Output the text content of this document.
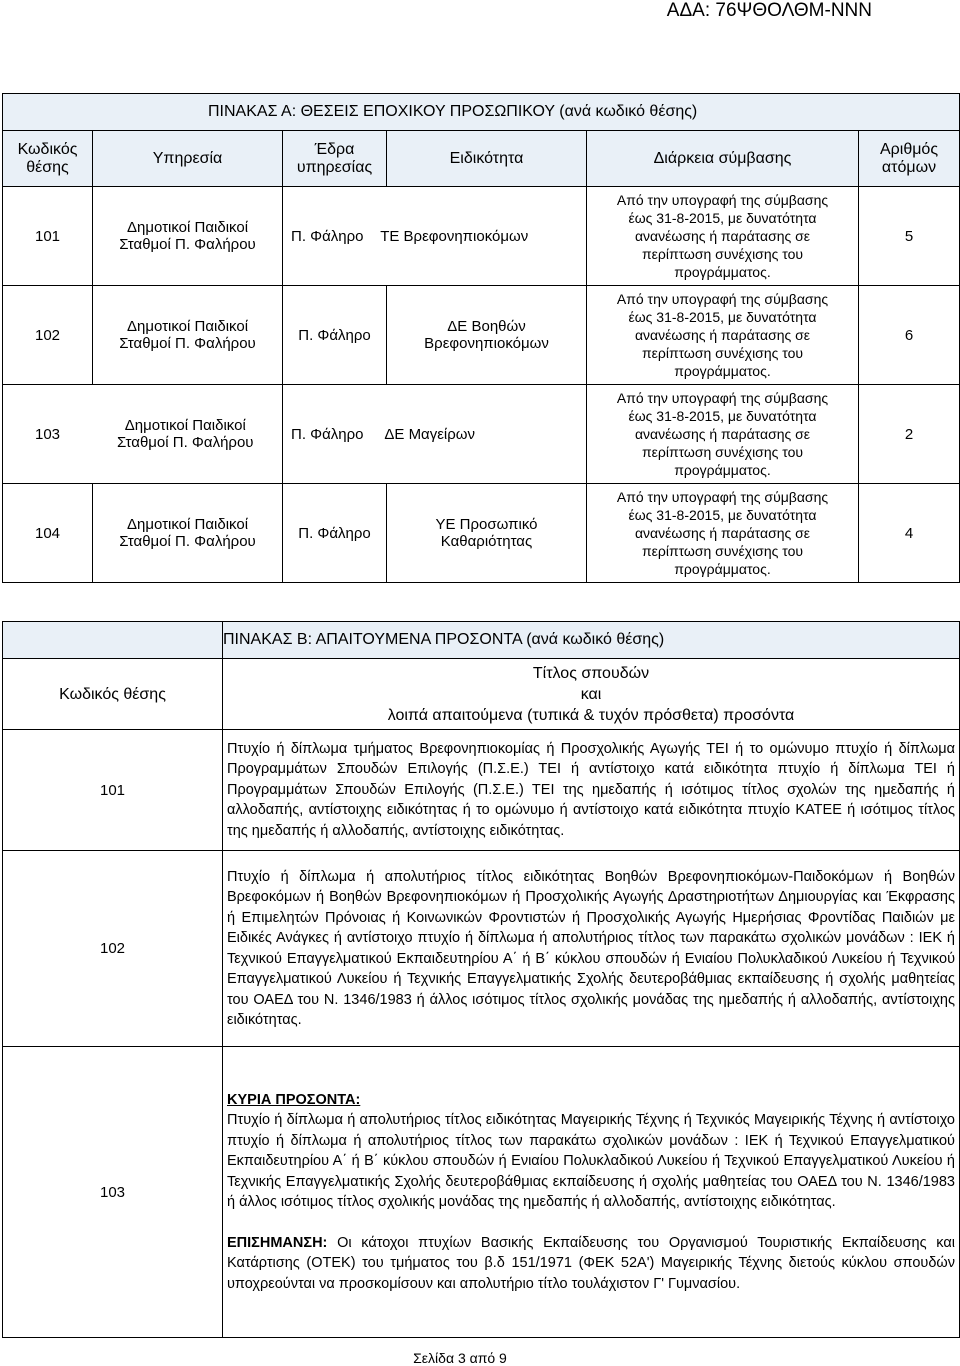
ΑΔΑ: 76ΨΘΟΛΘΜ-ΝΝΝ
ΠΙΝΑΚΑΣ Α: ΘΕΣΕΙΣ ΕΠΟΧΙΚΟΥ ΠΡΟΣΩΠΙΚΟΥ (ανά κωδικό θέσης)
Κωδικός
θέσης	Υπηρεσία	Έδρα
υπηρεσίας	Ειδικότητα	Διάρκεια σύμβασης	Αριθμός
ατόμων
101	Δημοτικοί Παιδικοί
Σταθμοί Π. Φαλήρου	Π. Φάληρο ΤΕ Βρεφονηπιοκόμων	Από την υπογραφή της σύμβασης
έως 31-8-2015, με δυνατότητα
ανανέωσης ή παράτασης σε
περίπτωση συνέχισης του
προγράμματος.	5
102	Δημοτικοί Παιδικοί
Σταθμοί Π. Φαλήρου	Π. Φάληρο	ΔΕ Βοηθών
Βρεφονηπιοκόμων	Από την υπογραφή της σύμβασης
έως 31-8-2015, με δυνατότητα
ανανέωσης ή παράτασης σε
περίπτωση συνέχισης του
προγράμματος.	6

103	Δημοτικοί Παιδικοί
Σταθμοί Π. Φαλήρου
		Π. Φάληρο ΔΕ Μαγείρων	Από την υπογραφή της σύμβασης
έως 31-8-2015, με δυνατότητα
ανανέωσης ή παράτασης σε
περίπτωση συνέχισης του
προγράμματος.	2
104	Δημοτικοί Παιδικοί
Σταθμοί Π. Φαλήρου	Π. Φάληρο	ΥΕ Προσωπικό
Καθαριότητας	Από την υπογραφή της σύμβασης
έως 31-8-2015, με δυνατότητα
ανανέωσης ή παράτασης σε
περίπτωση συνέχισης του
προγράμματος.	4
	ΠΙΝΑΚΑΣ Β: ΑΠΑΙΤΟΥΜΕΝΑ ΠΡΟΣΟΝΤΑ (ανά κωδικό θέσης)
Κωδικός θέσης	Τίτλος σπουδών
και
λοιπά απαιτούμενα (τυπικά & τυχόν πρόσθετα) προσόντα
101	Πτυχίο ή δίπλωμα τμήματος Βρεφονηπιοκομίας ή Προσχολικής Αγωγής ΤΕΙ ή το ομώνυμο πτυχίο ή δίπλωμα Προγραμμάτων Σπουδών Επιλογής (Π.Σ.Ε.) ΤΕΙ ή αντίστοιχο κατά ειδικότητα πτυχίο ή δίπλωμα ΤΕΙ ή Προγραμμάτων Σπουδών Επιλογής (Π.Σ.Ε.) ΤΕΙ της ημεδαπής ή ισότιμος τίτλος σχολών της ημεδαπής ή αλλοδαπής, αντίστοιχης ειδικότητας ή το ομώνυμο ή αντίστοιχο κατά ειδικότητα πτυχίο ΚΑΤΕΕ ή ισότιμος τίτλος της ημεδαπής ή αλλοδαπής, αντίστοιχης ειδικότητας.
102	Πτυχίο ή δίπλωμα ή απολυτήριος τίτλος ειδικότητας Βοηθών Βρεφονηπιοκόμων-Παιδοκόμων ή Βοηθών Βρεφοκόμων ή Βοηθών Βρεφονηπιοκόμων ή Προσχολικής Αγωγής Δραστηριοτήτων Δημιουργίας και Έκφρασης ή Επιμελητών Πρόνοιας ή Κοινωνικών Φροντιστών ή Προσχολικής Αγωγής Ημερήσιας Φροντίδας Παιδιών με Ειδικές Ανάγκες ή αντίστοιχο πτυχίο ή δίπλωμα ή απολυτήριος τίτλος των παρακάτω σχολικών μονάδων : ΙΕΚ ή Τεχνικού Επαγγελματικού Εκπαιδευτηρίου Α΄ ή Β΄ κύκλου σπουδών ή Ενιαίου Πολυκλαδικού Λυκείου ή Τεχνικού Επαγγελματικού Λυκείου ή Τεχνικής Επαγγελματικής Σχολής δευτεροβάθμιας εκπαίδευσης ή σχολής μαθητείας του ΟΑΕΔ του Ν. 1346/1983 ή άλλος ισότιμος τίτλος σχολικής μονάδας της ημεδαπής ή αλλοδαπής, αντίστοιχης ειδικότητας.
103	ΚΥΡΙΑ ΠΡΟΣΟΝΤΑ:
Πτυχίο ή δίπλωμα ή απολυτήριος τίτλος ειδικότητας Μαγειρικής Τέχνης ή Τεχνικός Μαγειρικής Τέχνης ή αντίστοιχο πτυχίο ή δίπλωμα ή απολυτήριος τίτλος των παρακάτω σχολικών μονάδων : ΙΕΚ ή Τεχνικού Επαγγελματικού Εκπαιδευτηρίου Α΄ ή Β΄ κύκλου σπουδών ή Ενιαίου Πολυκλαδικού Λυκείου ή Τεχνικού Επαγγελματικού Λυκείου ή Τεχνικής Επαγγελματικής Σχολής δευτεροβάθμιας εκπαίδευσης ή σχολής μαθητείας του ΟΑΕΔ του Ν. 1346/1983 ή άλλος ισότιμος τίτλος σχολικής μονάδας της ημεδαπής ή αλλοδαπής, αντίστοιχης ειδικότητας.
ΕΠΙΣΗΜΑΝΣΗ: Οι κάτοχοι πτυχίων Βασικής Εκπαίδευσης του Οργανισμού Τουριστικής Εκπαίδευσης και Κατάρτισης (ΟΤΕΚ) του τμήματος του β.δ 151/1971 (ΦΕΚ 52Α') Μαγειρικής Τέχνης διετούς κύκλου σπουδών υποχρεούνται να προσκομίσουν και απολυτήριο τίτλο τουλάχιστον Γ' Γυμνασίου.
Σελίδα 3 από 9
